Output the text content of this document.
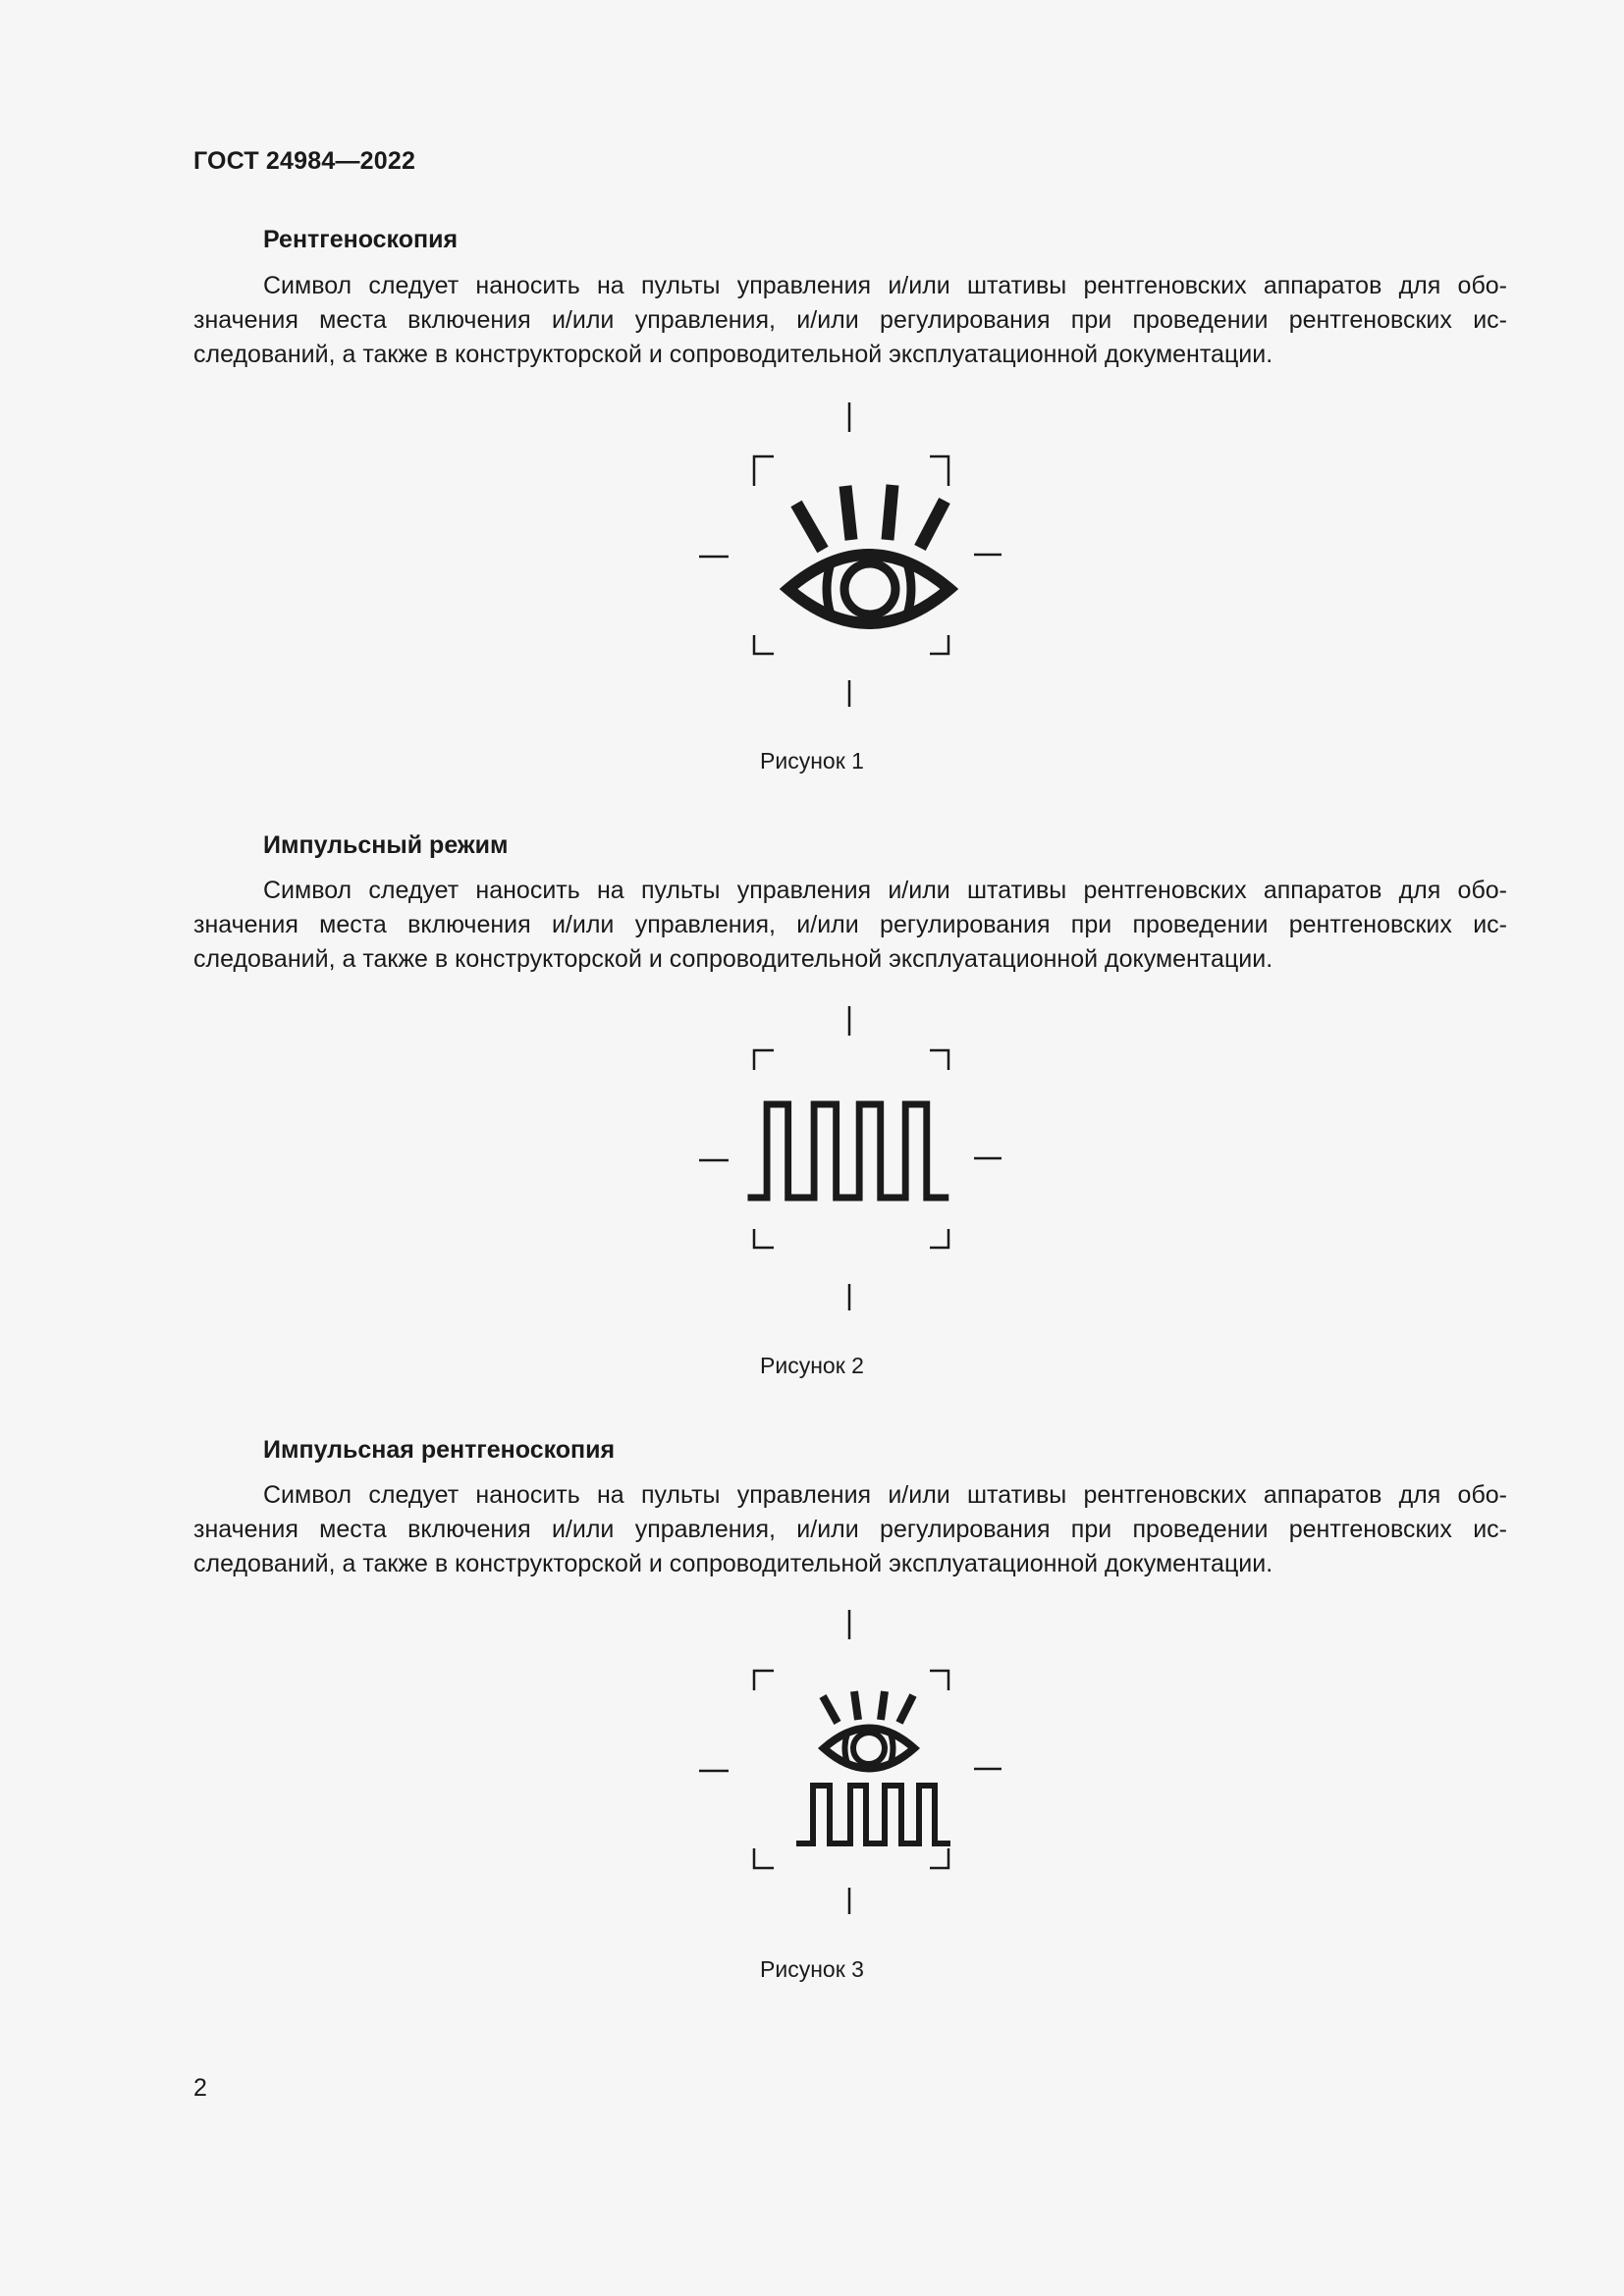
ГОСТ 24984—2022
Рентгеноскопия

Символ следует наносить на пульты управления и/или штативы рентгеновских аппаратов для обо-
значения места включения и/или управления, и/или регулирования при проведении рентгеновских ис-
следований, а также в конструкторской и сопроводительной эксплуатационной документации.

Рисунок 1
Импульсный режим

Символ следует наносить на пульты управления и/или штативы рентгеновских аппаратов для обо-
значения места включения и/или управления, и/или регулирования при проведении рентгеновских ис-
следований, а также в конструкторской и сопроводительной эксплуатационной документации.

Рисунок 2
Импульсная рентгеноскопия

Символ следует наносить на пульты управления и/или штативы рентгеновских аппаратов для обо-
значения места включения и/или управления, и/или регулирования при проведении рентгеновских ис-
следований, а также в конструкторской и сопроводительной эксплуатационной документации.

Рисунок 3
2
